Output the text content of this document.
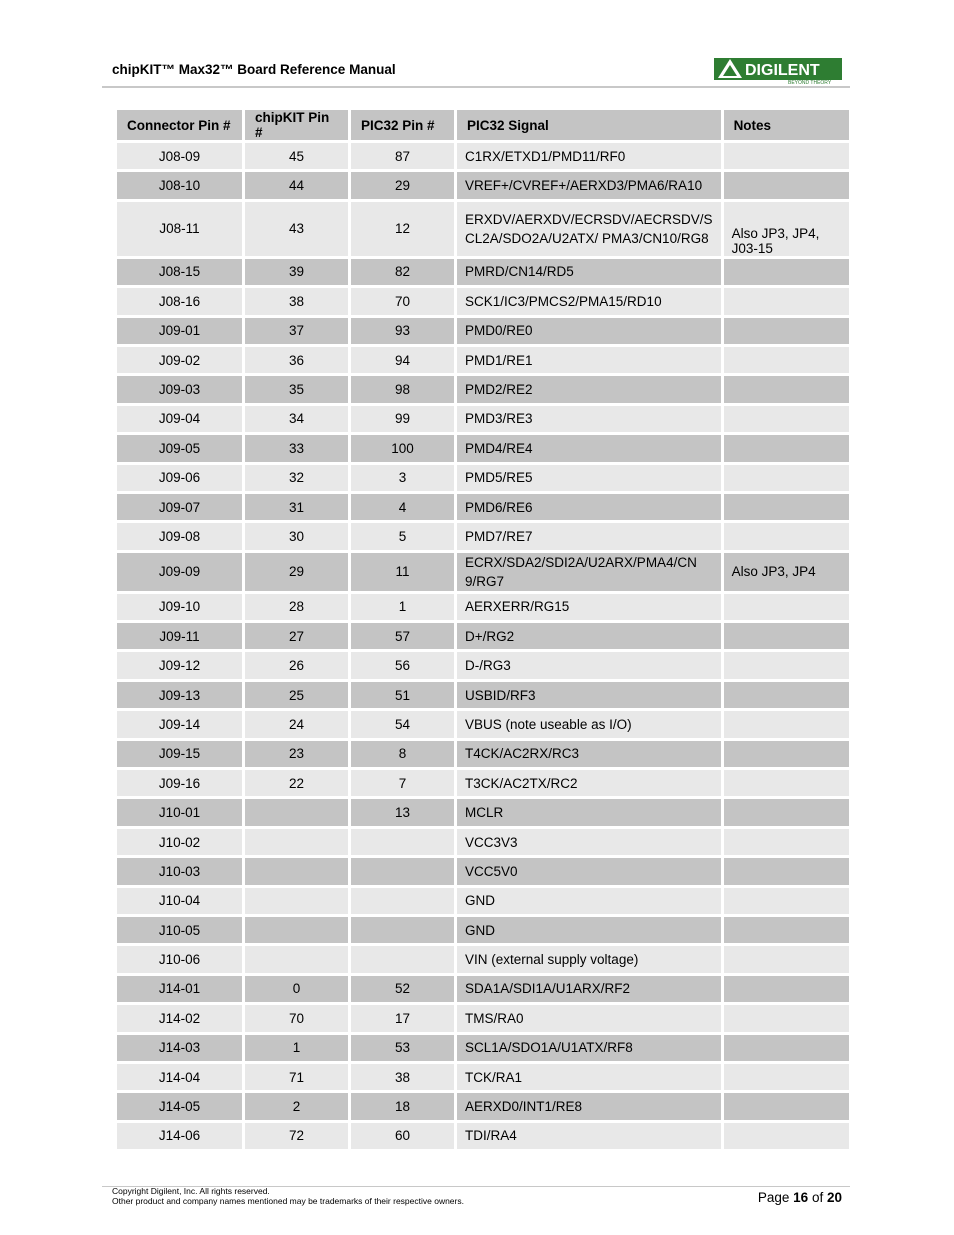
chipKIT™ Max32™ Board Reference Manual	DIGILENT
BEYOND THEORY
Connector Pin #	chipKIT Pin #	PIC32 Pin #	PIC32 Signal	Notes
J08-09	45	87	C1RX/ETXD1/PMD11/RF0	
J08-10	44	29	VREF+/CVREF+/AERXD3/PMA6/RA10	
J08-11	43	12	ERXDV/AERXDV/ECRSDV/AECRSDV/S CL2A/SDO2A/U2ATX/ PMA3/CN10/RG8	Also JP3, JP4, J03-15
J08-15	39	82	PMRD/CN14/RD5	
J08-16	38	70	SCK1/IC3/PMCS2/PMA15/RD10	
J09-01	37	93	PMD0/RE0	
J09-02	36	94	PMD1/RE1	
J09-03	35	98	PMD2/RE2	
J09-04	34	99	PMD3/RE3	
J09-05	33	100	PMD4/RE4	
J09-06	32	3	PMD5/RE5	
J09-07	31	4	PMD6/RE6	
J09-08	30	5	PMD7/RE7	
J09-09	29	11	ECRX/SDA2/SDI2A/U2ARX/PMA4/CN 9/RG7	Also JP3, JP4
J09-10	28	1	AERXERR/RG15	
J09-11	27	57	D+/RG2	
J09-12	26	56	D-/RG3	
J09-13	25	51	USBID/RF3	
J09-14	24	54	VBUS (note useable as I/O)	
J09-15	23	8	T4CK/AC2RX/RC3	
J09-16	22	7	T3CK/AC2TX/RC2	
J10-01		13	MCLR	
J10-02			VCC3V3	
J10-03			VCC5V0	
J10-04			GND	
J10-05			GND	
J10-06			VIN (external supply voltage)	
J14-01	0	52	SDA1A/SDI1A/U1ARX/RF2	
J14-02	70	17	TMS/RA0	
J14-03	1	53	SCL1A/SDO1A/U1ATX/RF8	
J14-04	71	38	TCK/RA1	
J14-05	2	18	AERXD0/INT1/RE8	
J14-06	72	60	TDI/RA4	
Copyright Digilent, Inc. All rights reserved.
Other product and company names mentioned may be trademarks of their respective owners.	Page 16 of 20
